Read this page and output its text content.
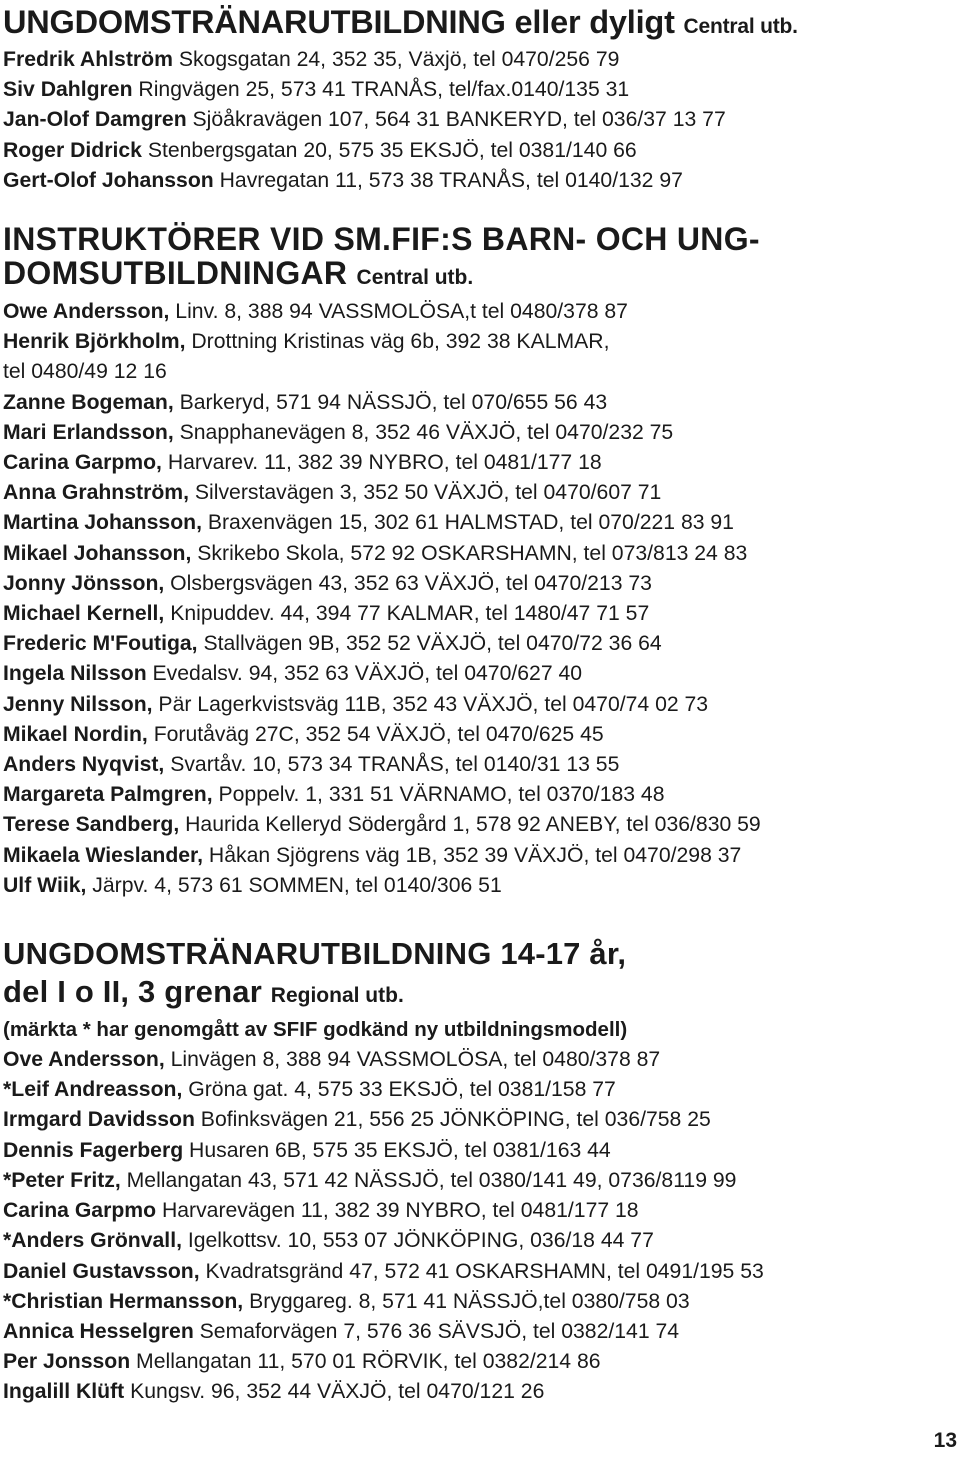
UNGDOMSTRÄNARUTBILDNING eller dyligt Central utb.
Fredrik Ahlström Skogsgatan 24, 352 35, Växjö, tel 0470/256 79
Siv Dahlgren Ringvägen 25, 573 41 TRANÅS, tel/fax.0140/135 31
Jan-Olof Damgren Sjöåkravägen 107, 564 31 BANKERYD, tel 036/37 13 77
Roger Didrick Stenbergsgatan 20, 575 35 EKSJÖ, tel 0381/140 66
Gert-Olof Johansson Havregatan 11, 573 38 TRANÅS, tel 0140/132 97
INSTRUKTÖRER VID SM.FIF:S BARN- OCH UNG-
DOMSUTBILDNINGAR Central utb.
Owe Andersson, Linv. 8, 388 94 VASSMOLÖSA,t tel 0480/378 87
Henrik Björkholm, Drottning Kristinas väg 6b, 392 38 KALMAR,
tel 0480/49 12 16
Zanne Bogeman, Barkeryd, 571 94 NÄSSJÖ, tel 070/655 56 43
Mari Erlandsson, Snapphanevägen 8, 352 46 VÄXJÖ, tel 0470/232 75
Carina Garpmo, Harvarev. 11, 382 39 NYBRO, tel 0481/177 18
Anna Grahnström, Silverstavägen 3, 352 50 VÄXJÖ, tel 0470/607 71
Martina Johansson, Braxenvägen 15, 302 61 HALMSTAD, tel 070/221 83 91
Mikael Johansson, Skrikebo Skola, 572 92 OSKARSHAMN, tel 073/813 24 83
Jonny Jönsson, Olsbergsvägen 43, 352 63 VÄXJÖ, tel 0470/213 73
Michael Kernell, Knipuddev. 44, 394 77 KALMAR, tel 1480/47 71 57
Frederic M'Foutiga, Stallvägen 9B, 352 52 VÄXJÖ, tel 0470/72 36 64
Ingela Nilsson Evedalsv. 94, 352 63 VÄXJÖ, tel 0470/627 40
Jenny Nilsson, Pär Lagerkvistsväg 11B, 352 43 VÄXJÖ, tel 0470/74 02 73
Mikael Nordin, Forutåväg 27C, 352 54 VÄXJÖ, tel 0470/625 45
Anders Nyqvist, Svartåv. 10, 573 34 TRANÅS, tel 0140/31 13 55
Margareta Palmgren, Poppelv. 1, 331 51 VÄRNAMO, tel 0370/183 48
Terese Sandberg, Haurida Kelleryd Södergård 1, 578 92 ANEBY, tel 036/830 59
Mikaela Wieslander, Håkan Sjögrens väg 1B, 352 39 VÄXJÖ, tel 0470/298 37
Ulf Wiik, Järpv. 4, 573 61 SOMMEN, tel 0140/306 51
UNGDOMSTRÄNARUTBILDNING 14-17 år,
del I o II, 3 grenar Regional utb.
(märkta * har genomgått av SFIF godkänd ny utbildningsmodell)
Ove Andersson, Linvägen 8, 388 94 VASSMOLÖSA, tel 0480/378 87
*Leif Andreasson, Gröna gat. 4, 575 33 EKSJÖ, tel 0381/158 77
Irmgard Davidsson Bofinksvägen 21, 556 25 JÖNKÖPING, tel 036/758 25
Dennis Fagerberg Husaren 6B, 575 35 EKSJÖ, tel 0381/163 44
*Peter Fritz, Mellangatan 43, 571 42 NÄSSJÖ, tel 0380/141 49, 0736/8119 99
Carina Garpmo Harvarevägen 11, 382 39 NYBRO, tel 0481/177 18
*Anders Grönvall, Igelkottsv. 10, 553 07 JÖNKÖPING, 036/18 44 77
Daniel Gustavsson, Kvadratsgränd 47, 572 41 OSKARSHAMN, tel 0491/195 53
*Christian Hermansson, Bryggareg. 8, 571 41 NÄSSJÖ,tel 0380/758 03
Annica Hesselgren Semaforvägen 7, 576 36 SÄVSJÖ, tel 0382/141 74
Per Jonsson Mellangatan 11, 570 01 RÖRVIK, tel 0382/214 86
Ingalill Klüft Kungsv. 96, 352 44 VÄXJÖ, tel 0470/121 26
13
